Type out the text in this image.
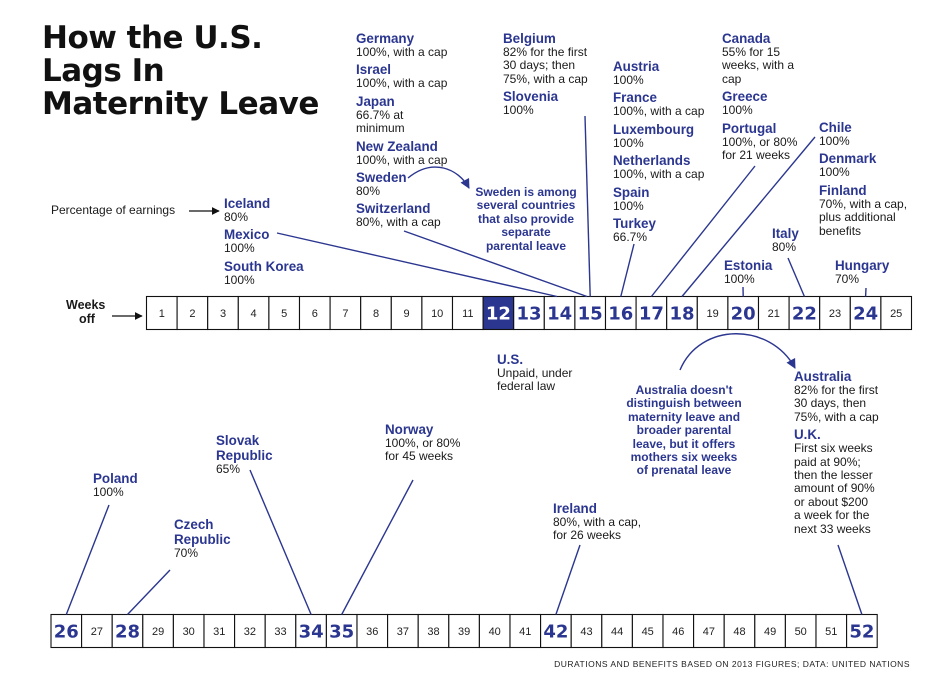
How the U.S.
Lags In
Maternity Leave
Percentage of earnings
Weeks
off
DURATIONS AND BENEFITS BASED ON 2013 FIGURES; DATA: UNITED NATIONS
Iceland
80%
Mexico
100%
South Korea
100%
Germany
100%, with a cap
Israel
100%, with a cap
Japan
66.7% at
minimum
New Zealand
100%, with a cap
Sweden
80%
Switzerland
80%, with a cap
Belgium
82% for the first
30 days; then
75%, with a cap
Slovenia
100%
Austria
100%
France
100%, with a cap
Luxembourg
100%
Netherlands
100%, with a cap
Spain
100%
Turkey
66.7%
Canada
55% for 15
weeks, with a
cap
Greece
100%
Portugal
100%, or 80%
for 21 weeks
Chile
100%
Denmark
100%
Finland
70%, with a cap,
plus additional
benefits
Estonia
100%
Italy
80%
Hungary
70%
U.S.
Unpaid, under
federal law
Poland
100%
Czech
Republic
70%
Slovak
Republic
65%
Norway
100%, or 80%
for 45 weeks
Ireland
80%, with a cap,
for 26 weeks
Australia
82% for the first
30 days, then
75%, with a cap
U.K.
First six weeks
paid at 90%;
then the lesser
amount of 90%
or about $200
a week for the
next 33 weeks
Sweden is among
several countries
that also provide
separate
parental leave
Australia doesn't
distinguish between
maternity leave and
broader parental
leave, but it offers
mothers six weeks
of prenatal leave
1 2 3 4 5 6 7 8 9 10 11 12 13 14 15 16 17 18 19 20 21 22 23 24 25
26 27 28 29 30 31 32 33 34 35 36 37 38 39 40 41 42 43 44 45 46 47 48 49 50 51 52
